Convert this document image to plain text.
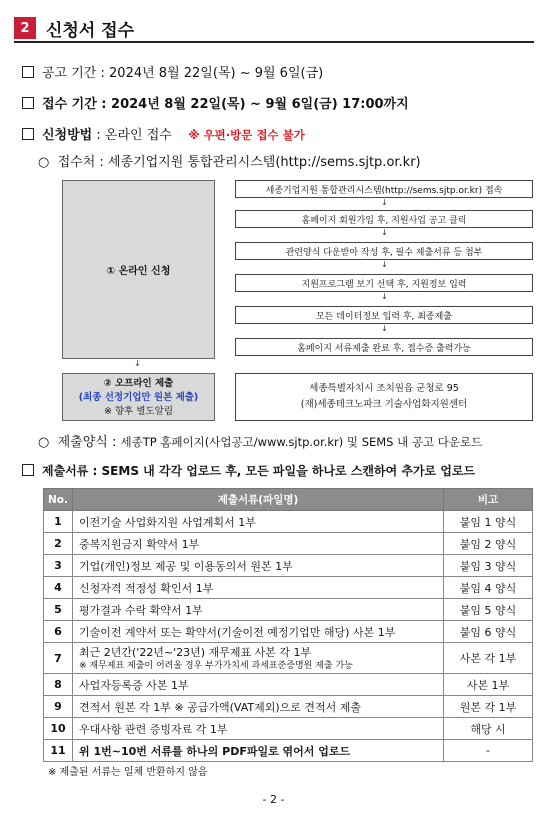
2 신청서 접수
공고 기간 : 2024년 8월 22일(목) ~ 9월 6일(금)
접수 기간 : 2024년 8월 22일(목) ~ 9월 6일(금) 17:00까지
신청방법 : 온라인 접수 ※ 우편·방문 접수 불가
○ 접수처 : 세종기업지원 통합관리시스템(http://sems.sjtp.or.kr)
① 온라인 신청
세종기업지원 통합관리시스템(http://sems.sjtp.or.kr) 접속
↓
홈페이지 회원가입 후, 지원사업 공고 클릭
↓
관련양식 다운받아 작성 후, 필수 제출서류 등 첨부
↓
지원프로그램 보기 선택 후, 지원정보 입력
↓
모든 데이터정보 입력 후, 최종제출
↓
홈페이지 서류제출 완료 후, 접수증 출력가능
↓
② 오프라인 제출
(최종 선정기업만 원본 제출)
※ 향후 별도알림
세종특별자치시 조치원읍 군청로 95
(재)세종테크노파크 기술사업화지원센터
○ 제출양식 : 세종TP 홈페이지(사업공고/www.sjtp.or.kr) 및 SEMS 내 공고 다운로드
제출서류 : SEMS 내 각각 업로드 후, 모든 파일을 하나로 스캔하여 추가로 업로드
No.	제출서류(파일명)	비고
1	이전기술 사업화지원 사업계획서 1부	붙임 1 양식
2	중복지원금지 확약서 1부	붙임 2 양식
3	기업(개인)정보 제공 및 이용동의서 원본 1부	붙임 3 양식
4	신청자격 적정성 확인서 1부	붙임 4 양식
5	평가결과 수락 확약서 1부	붙임 5 양식
6	기술이전 계약서 또는 확약서(기술이전 예정기업만 해당) 사본 1부	붙임 6 양식
7	최근 2년간('22년~'23년) 재무제표 사본 각 1부
※ 재무제표 제출이 어려울 경우 부가가치세 과세표준증명원 제출 가능	사본 각 1부
8	사업자등록증 사본 1부	사본 1부
9	견적서 원본 각 1부 ※ 공급가액(VAT제외)으로 견적서 제출	원본 각 1부
10	우대사항 관련 증빙자료 각 1부	해당 시
11	위 1번~10번 서류를 하나의 PDF파일로 엮어서 업로드	-
※ 제출된 서류는 일체 반환하지 않음
- 2 -
